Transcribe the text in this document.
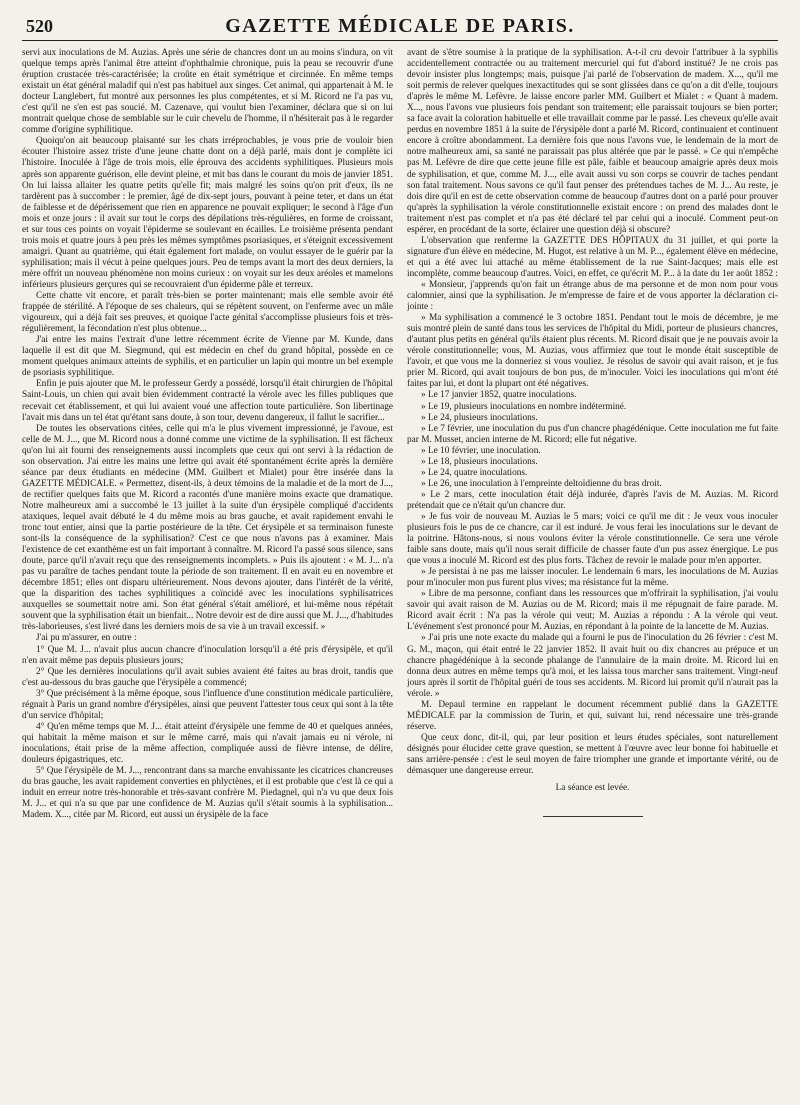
520	GAZETTE MÉDICALE DE PARIS.

servi aux inoculations de M. Auzias. Après une série de chancres dont un au moins s'indura, on vit quelque temps après l'animal être atteint d'ophthalmie chronique, puis la peau se recouvrir d'une éruption crustacée très-caractérisée; la croûte en était symétrique et circinnée. En même temps existait un état général maladif qui n'est pas habituel aux singes. Cet animal, qui appartenait à M. le docteur Langlebert, fut montré aux personnes les plus compétentes, et si M. Ricord ne l'a pas vu, c'est qu'il ne s'en est pas soucié. M. Cazenave, qui voulut bien l'examiner, déclara que si on lui montrait quelque chose de semblable sur le cuir chevelu de l'homme, il n'hésiterait pas à le regarder comme d'origine syphilitique.

Quoiqu'on ait beaucoup plaisanté sur les chats irréprochables, je vous prie de vouloir bien écouter l'histoire assez triste d'une jeune chatte dont on a déjà parlé, mais dont je complète ici l'histoire. Inoculée à l'âge de trois mois, elle éprouva des accidents syphilitiques. Plusieurs mois après son apparente guérison, elle devint pleine, et mit bas dans le courant du mois de janvier 1851. On lui laissa allaiter les quatre petits qu'elle fit; mais malgré les soins qu'on prit d'eux, ils ne tardèrent pas à succomber : le premier, âgé de dix-sept jours, pouvant à peine teter, et dans un état de faiblesse et de dépérissement que rien en apparence ne pouvait expliquer; le second à l'âge d'un mois et onze jours : il avait sur tout le corps des dépilations très-régulières, en forme de croissant, et sur tous ces points on voyait l'épiderme se soulevant en écailles. Le troisième présenta pendant trois mois et quatre jours à peu près les mêmes symptômes psoriasiques, et s'éteignit excessivement amaigri. Quant au quatrième, qui était également fort malade, on voulut essayer de le guérir par la syphilisation; mais il vécut à peine quelques jours. Peu de temps avant la mort des deux derniers, la mère offrit un nouveau phénomène non moins curieux : on voyait sur les deux aréoles et mamelons inférieurs plusieurs gerçures qui se recouvraient d'un épiderme pâle et terreux.

Cette chatte vit encore, et paraît très-bien se porter maintenant; mais elle semble avoir été frappée de stérilité. A l'époque de ses chaleurs, qui se répètent souvent, on l'enferme avec un mâle vigoureux, qui a déjà fait ses preuves, et quoique l'acte génital s'accomplisse plusieurs fois et très-régulièrement, la fécondation n'est plus obtenue...

J'ai entre les mains l'extrait d'une lettre récemment écrite de Vienne par M. Kunde, dans laquelle il est dit que M. Siegmund, qui est médecin en chef du grand hôpital, possède en ce moment quelques animaux atteints de syphilis, et en particulier un lapin qui montre un bel exemple de psoriasis syphilitique.

Enfin je puis ajouter que M. le professeur Gerdy a possédé, lorsqu'il était chirurgien de l'hôpital Saint-Louis, un chien qui avait bien évidemment contracté la vérole avec les filles publiques que recevait cet établissement, et qui lui avaient voué une affection toute particulière. Son libertinage l'avait mis dans un tel état qu'étant sans doute, à son tour, devenu dangereux, il fallut le sacrifier...

De toutes les observations citées, celle qui m'a le plus vivement impressionné, je l'avoue, est celle de M. J..., que M. Ricord nous a donné comme une victime de la syphilisation. Il est fâcheux qu'on lui ait fourni des renseignements aussi incomplets que ceux qui ont servi à la rédaction de son observation. J'ai entre les mains une lettre qui avait été spontanément écrite après la dernière séance par deux étudiants en médecine (MM. Guilbert et Mialet) pour être insérée dans la GAZETTE MÉDICALE. « Permettez, disent-ils, à deux témoins de la maladie et de la mort de J..., de rectifier quelques faits que M. Ricord a racontés d'une manière moins exacte que dramatique. Notre malheureux ami a succombé le 13 juillet à la suite d'un érysipèle compliqué d'accidents ataxiques, lequel avait débuté le 4 du même mois au bras gauche, et avait rapidement envahi le tronc tout entier, ainsi que la partie postérieure de la tête. Cet érysipèle et sa terminaison funeste sont-ils la conséquence de la syphilisation? C'est ce que nous n'avons pas à examiner. Mais l'existence de cet exanthème est un fait important à connaître. M. Ricord l'a passé sous silence, sans doute, parce qu'il n'avait reçu que des renseignements incomplets. » Puis ils ajoutent : « M. J... n'a pas vu paraître de taches pendant toute la période de son traitement. Il en avait eu en novembre et décembre 1851; elles ont disparu ultérieurement. Nous devons ajouter, dans l'intérêt de la vérité, que la disparition des taches syphilitiques a coïncidé avec les inoculations syphilisatrices auxquelles se soumettait notre ami. Son état général s'était amélioré, et lui-même nous répétait souvent que la syphilisation était un bienfait... Notre devoir est de dire aussi que M. J..., d'habitudes très-laborieuses, s'est livré dans les derniers mois de sa vie à un travail excessif. »

J'ai pu m'assurer, en outre :

1° Que M. J... n'avait plus aucun chancre d'inoculation lorsqu'il a été pris d'érysipèle, et qu'il n'en avait même pas depuis plusieurs jours;

2° Que les dernières inoculations qu'il avait subies avaient été faites au bras droit, tandis que c'est au-dessous du bras gauche que l'érysipèle a commencé;

3° Que précisément à la même époque, sous l'influence d'une constitution médicale particulière, régnait à Paris un grand nombre d'érysipèles, ainsi que peuvent l'attester tous ceux qui sont à la tête d'un service d'hôpital;

4° Qu'en même temps que M. J... était atteint d'érysipèle une femme de 40 et quelques années, qui habitait la même maison et sur le même carré, mais qui n'avait jamais eu ni vérole, ni inoculations, était prise de la même affection, compliquée aussi de fièvre intense, de délire, douleurs épigastriques, etc.

5° Que l'érysipèle de M. J..., rencontrant dans sa marche envahissante les cicatrices chancreuses du bras gauche, les avait rapidement converties en phlyctènes, et il est probable que c'est là ce qui a induit en erreur notre très-honorable et très-savant confrère M. Piedagnel, qui n'a vu que deux fois M. J... et qui n'a su que par une confidence de M. Auzias qu'il s'était soumis à la syphilisation... Madem. X..., citée par M. Ricord, eut aussi un érysipèle de la face

avant de s'être soumise à la pratique de la syphilisation. A-t-il cru devoir l'attribuer à la syphilis accidentellement contractée ou au traitement mercuriel qui fut d'abord institué? Je ne crois pas devoir insister plus longtemps; mais, puisque j'ai parlé de l'observation de madem. X..., qu'il me soit permis de relever quelques inexactitudes qui se sont glissées dans ce qu'on a dit d'elle, toujours d'après le même M. Lefèvre. Je laisse encore parler MM. Guilbert et Mialet : « Quant à madem. X..., nous l'avons vue plusieurs fois pendant son traitement; elle paraissait toujours se bien porter; sa face avait la coloration habituelle et elle travaillait comme par le passé. Les cheveux qu'elle avait perdus en novembre 1851 à la suite de l'érysipèle dont a parlé M. Ricord, continuaient et continuent encore à croître abondamment. La dernière fois que nous l'avons vue, le lendemain de la mort de notre malheureux ami, sa santé ne paraissait pas plus altérée que par le passé. » Ce qui n'empêche pas M. Lefèvre de dire que cette jeune fille est pâle, faible et beaucoup amaigrie après deux mois de syphilisation, et que, comme M. J..., elle avait aussi vu son corps se couvrir de taches pendant son fatal traitement. Nous savons ce qu'il faut penser des prétendues taches de M. J... Au reste, je dois dire qu'il en est de cette observation comme de beaucoup d'autres dont on a parlé pour prouver qu'après la syphilisation la vérole constitutionnelle existait encore : on prend des malades dont le traitement n'est pas complet et n'a pas été déclaré tel par celui qui a inoculé. Comment peut-on espérer, en procédant de la sorte, éclairer une question déjà si obscure?

L'observation que renferme la GAZETTE DES HÔPITAUX du 31 juillet, et qui porte la signature d'un élève en médecine, M. Hugot, est relative à un M. P..., également élève en médecine, et qui a été avec lui attaché au même établissement de la rue Saint-Jacques; mais elle est incomplète, comme beaucoup d'autres. Voici, en effet, ce qu'écrit M. P... à la date du 1er août 1852 :

« Monsieur, j'apprends qu'on fait un étrange abus de ma personne et de mon nom pour vous calomnier, ainsi que la syphilisation. Je m'empresse de faire et de vous apporter la déclaration ci-jointe :

» Ma syphilisation a commencé le 3 octobre 1851. Pendant tout le mois de décembre, je me suis montré plein de santé dans tous les services de l'hôpital du Midi, porteur de plusieurs chancres, d'autant plus petits en général qu'ils étaient plus récents. M. Ricord disait que je ne pouvais avoir la vérole constitutionnelle; vous, M. Auzias, vous affirmiez que tout le monde était susceptible de l'avoir, et que vous me la donneriez si vous vouliez. Je résolus de savoir qui avait raison, et je fus prier M. Ricord, qui avait toujours de bon pus, de m'inoculer. Voici les inoculations qui m'ont été faites par lui, et dont la plupart ont été négatives.

» Le 17 janvier 1852, quatre inoculations.

» Le 19, plusieurs inoculations en nombre indéterminé.

» Le 24, plusieurs inoculations.

» Le 7 février, une inoculation du pus d'un chancre phagédénique. Cette inoculation me fut faite par M. Musset, ancien interne de M. Ricord; elle fut négative.

» Le 10 février, une inoculation.

» Le 18, plusieurs inoculations.

» Le 24, quatre inoculations.

» Le 26, une inoculation à l'empreinte deltoïdienne du bras droit.

» Le 2 mars, cette inoculation était déjà indurée, d'après l'avis de M. Auzias. M. Ricord prétendait que ce n'était qu'un chancre dur.

» Je fus voir de nouveau M. Auzias le 5 mars; voici ce qu'il me dit : Je veux vous inoculer plusieurs fois le pus de ce chancre, car il est induré. Je vous ferai les inoculations sur le devant de la poitrine. Hâtons-nous, si nous voulons éviter la vérole constitutionnelle. Ce sera une vérole faible sans doute, mais qu'il nous serait difficile de chasser faute d'un pus assez énergique. Le pus que vous a inoculé M. Ricord est des plus forts. Tâchez de revoir le malade pour m'en apporter.

» Je persistai à ne pas me laisser inoculer. Le lendemain 6 mars, les inoculations de M. Auzias pour m'inoculer mon pus furent plus vives; ma résistance fut la même.

» Libre de ma personne, confiant dans les ressources que m'offrirait la syphilisation, j'ai voulu savoir qui avait raison de M. Auzias ou de M. Ricord; mais il me répugnait de faire parade. M. Ricord avait écrit : N'a pas la vérole qui veut; M. Auzias a répondu : A la vérole qui veut. L'événement s'est prononcé pour M. Auzias, en répondant à la pointe de la lancette de M. Auzias.

» J'ai pris une note exacte du malade qui a fourni le pus de l'inoculation du 26 février : c'est M. G. M., maçon, qui était entré le 22 janvier 1852. Il avait huit ou dix chancres au prépuce et un chancre phagédénique à la seconde phalange de l'annulaire de la main droite. M. Ricord lui en donna deux autres en même temps qu'à moi, et les laissa tous marcher sans traitement. Vingt-neuf jours après il sortit de l'hôpital guéri de tous ses accidents. M. Ricord lui promit qu'il n'aurait pas la vérole. »

M. Depaul termine en rappelant le document récemment publié dans la GAZETTE MÉDICALE par la commission de Turin, et qui, suivant lui, rend nécessaire une très-grande réserve.

Que ceux donc, dit-il, qui, par leur position et leurs études spéciales, sont naturellement désignés pour élucider cette grave question, se mettent à l'œuvre avec leur bonne foi habituelle et sans arrière-pensée : c'est le seul moyen de faire triompher une grande et importante vérité, ou de démasquer une dangereuse erreur.

La séance est levée.
